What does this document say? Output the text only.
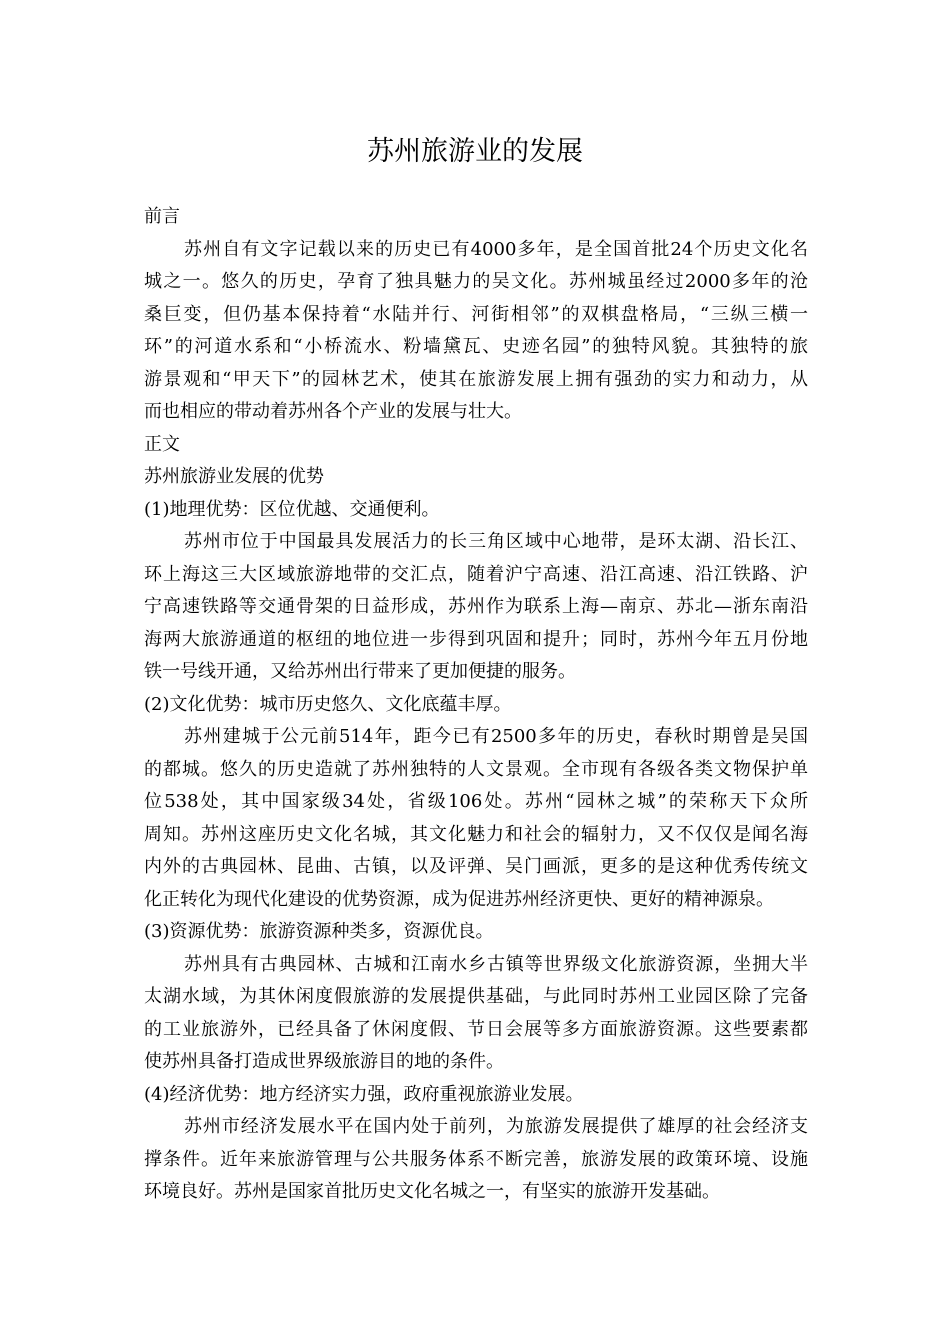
苏州旅游业的发展
前言
苏州自有文字记载以来的历史已有4000多年，是全国首批24个历史文化名
城之一。悠久的历史，孕育了独具魅力的吴文化。苏州城虽经过2000多年的沧
桑巨变，但仍基本保持着“水陆并行、河街相邻”的双棋盘格局，“三纵三横一
环”的河道水系和“小桥流水、粉墙黛瓦、史迹名园”的独特风貌。其独特的旅
游景观和“甲天下”的园林艺术，使其在旅游发展上拥有强劲的实力和动力，从
而也相应的带动着苏州各个产业的发展与壮大。
正文
苏州旅游业发展的优势
(1)地理优势：区位优越、交通便利。
苏州市位于中国最具发展活力的长三角区域中心地带，是环太湖、沿长江、
环上海这三大区域旅游地带的交汇点，随着沪宁高速、沿江高速、沿江铁路、沪
宁高速铁路等交通骨架的日益形成，苏州作为联系上海—南京、苏北—浙东南沿
海两大旅游通道的枢纽的地位进一步得到巩固和提升；同时，苏州今年五月份地
铁一号线开通，又给苏州出行带来了更加便捷的服务。
(2)文化优势：城市历史悠久、文化底蕴丰厚。
苏州建城于公元前514年，距今已有2500多年的历史，春秋时期曾是吴国
的都城。悠久的历史造就了苏州独特的人文景观。全市现有各级各类文物保护单
位538处，其中国家级34处，省级106处。苏州“园林之城”的荣称天下众所
周知。苏州这座历史文化名城，其文化魅力和社会的辐射力，又不仅仅是闻名海
内外的古典园林、昆曲、古镇，以及评弹、吴门画派，更多的是这种优秀传统文
化正转化为现代化建设的优势资源，成为促进苏州经济更快、更好的精神源泉。
(3)资源优势：旅游资源种类多，资源优良。
苏州具有古典园林、古城和江南水乡古镇等世界级文化旅游资源，坐拥大半
太湖水域，为其休闲度假旅游的发展提供基础，与此同时苏州工业园区除了完备
的工业旅游外，已经具备了休闲度假、节日会展等多方面旅游资源。这些要素都
使苏州具备打造成世界级旅游目的地的条件。
(4)经济优势：地方经济实力强，政府重视旅游业发展。
苏州市经济发展水平在国内处于前列，为旅游发展提供了雄厚的社会经济支
撑条件。近年来旅游管理与公共服务体系不断完善，旅游发展的政策环境、设施
环境良好。苏州是国家首批历史文化名城之一，有坚实的旅游开发基础。
